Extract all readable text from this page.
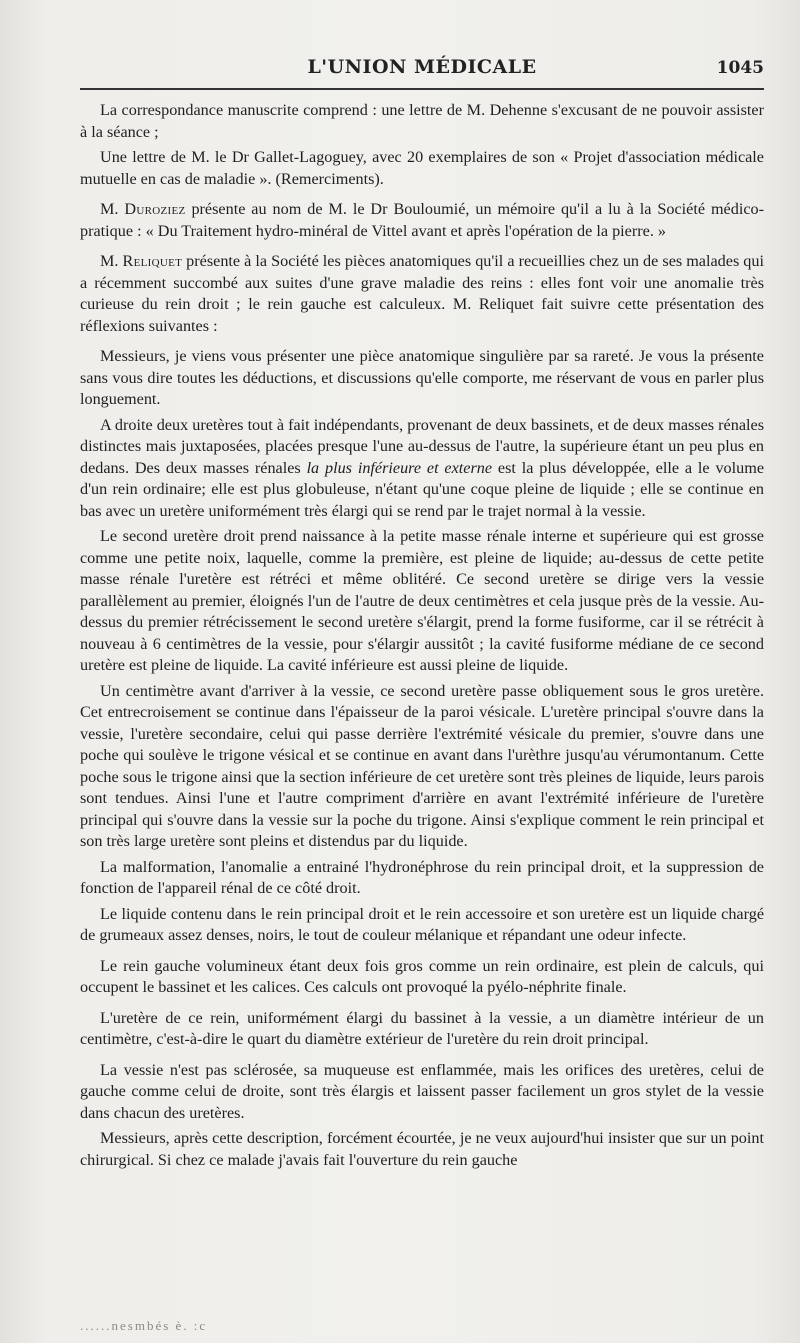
L'UNION MÉDICALE	1045

La correspondance manuscrite comprend : une lettre de M. Dehenne s'excusant de ne pouvoir assister à la séance ;

Une lettre de M. le Dr Gallet-Lagoguey, avec 20 exemplaires de son « Projet d'association médicale mutuelle en cas de maladie ». (Remerciments).

M. Duroziez présente au nom de M. le Dr Bouloumié, un mémoire qu'il a lu à la Société médico-pratique : « Du Traitement hydro-minéral de Vittel avant et après l'opération de la pierre. »

M. Reliquet présente à la Société les pièces anatomiques qu'il a recueillies chez un de ses malades qui a récemment succombé aux suites d'une grave maladie des reins : elles font voir une anomalie très curieuse du rein droit ; le rein gauche est calculeux. M. Reliquet fait suivre cette présentation des réflexions suivantes :

Messieurs, je viens vous présenter une pièce anatomique singulière par sa rareté. Je vous la présente sans vous dire toutes les déductions, et discussions qu'elle comporte, me réservant de vous en parler plus longuement.

A droite deux uretères tout à fait indépendants, provenant de deux bassinets, et de deux masses rénales distinctes mais juxtaposées, placées presque l'une au-dessus de l'autre, la supérieure étant un peu plus en dedans. Des deux masses rénales la plus inférieure et externe est la plus développée, elle a le volume d'un rein ordinaire; elle est plus globuleuse, n'étant qu'une coque pleine de liquide ; elle se continue en bas avec un uretère uniformément très élargi qui se rend par le trajet normal à la vessie.

Le second uretère droit prend naissance à la petite masse rénale interne et supérieure qui est grosse comme une petite noix, laquelle, comme la première, est pleine de liquide; au-dessus de cette petite masse rénale l'uretère est rétréci et même oblitéré. Ce second uretère se dirige vers la vessie parallèlement au premier, éloignés l'un de l'autre de deux centimètres et cela jusque près de la vessie. Au-dessus du premier rétrécissement le second uretère s'élargit, prend la forme fusiforme, car il se rétrécit à nouveau à 6 centimètres de la vessie, pour s'élargir aussitôt ; la cavité fusiforme médiane de ce second uretère est pleine de liquide. La cavité inférieure est aussi pleine de liquide.

Un centimètre avant d'arriver à la vessie, ce second uretère passe obliquement sous le gros uretère. Cet entrecroisement se continue dans l'épaisseur de la paroi vésicale. L'uretère principal s'ouvre dans la vessie, l'uretère secondaire, celui qui passe derrière l'extrémité vésicale du premier, s'ouvre dans une poche qui soulève le trigone vésical et se continue en avant dans l'urèthre jusqu'au vérumontanum. Cette poche sous le trigone ainsi que la section inférieure de cet uretère sont très pleines de liquide, leurs parois sont tendues. Ainsi l'une et l'autre compriment d'arrière en avant l'extrémité inférieure de l'uretère principal qui s'ouvre dans la vessie sur la poche du trigone. Ainsi s'explique comment le rein principal et son très large uretère sont pleins et distendus par du liquide.

La malformation, l'anomalie a entrainé l'hydronéphrose du rein principal droit, et la suppression de fonction de l'appareil rénal de ce côté droit.

Le liquide contenu dans le rein principal droit et le rein accessoire et son uretère est un liquide chargé de grumeaux assez denses, noirs, le tout de couleur mélanique et répandant une odeur infecte.

Le rein gauche volumineux étant deux fois gros comme un rein ordinaire, est plein de calculs, qui occupent le bassinet et les calices. Ces calculs ont provoqué la pyélo-néphrite finale.

L'uretère de ce rein, uniformément élargi du bassinet à la vessie, a un diamètre intérieur de un centimètre, c'est-à-dire le quart du diamètre extérieur de l'uretère du rein droit principal.

La vessie n'est pas sclérosée, sa muqueuse est enflammée, mais les orifices des uretères, celui de gauche comme celui de droite, sont très élargis et laissent passer facilement un gros stylet de la vessie dans chacun des uretères.

Messieurs, après cette description, forcément écourtée, je ne veux aujourd'hui insister que sur un point chirurgical. Si chez ce malade j'avais fait l'ouverture du rein gauche

......nesmbés è. :c
